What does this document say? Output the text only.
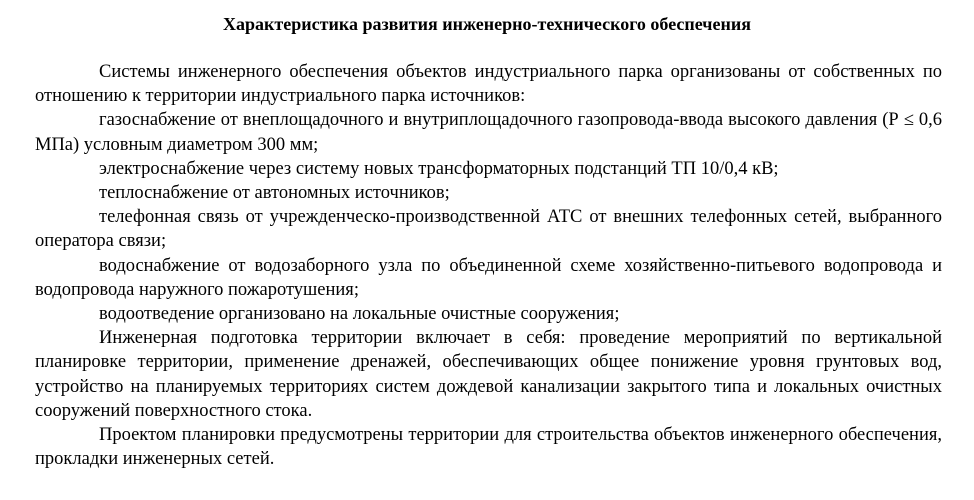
Характеристика развития инженерно-технического обеспечения

Системы инженерного обеспечения объектов индустриального парка организованы от собственных по отношению к территории индустриального парка источников:

газоснабжение от внеплощадочного и внутриплощадочного газопровода-ввода высокого давления (Р ≤ 0,6 МПа) условным диаметром 300 мм;

электроснабжение через систему новых трансформаторных подстанций ТП 10/0,4 кВ;

теплоснабжение от автономных источников;

телефонная связь от учрежденческо-производственной АТС от внешних телефонных сетей, выбранного оператора связи;

водоснабжение от водозаборного узла по объединенной схеме хозяйственно-питьевого водопровода и водопровода наружного пожаротушения;

водоотведение организовано на локальные очистные сооружения;

Инженерная подготовка территории включает в себя: проведение мероприятий по вертикальной планировке территории, применение дренажей, обеспечивающих общее понижение уровня грунтовых вод, устройство на планируемых территориях систем дождевой канализации закрытого типа и локальных очистных сооружений поверхностного стока.

Проектом планировки предусмотрены территории для строительства объектов инженерного обеспечения, прокладки инженерных сетей.
